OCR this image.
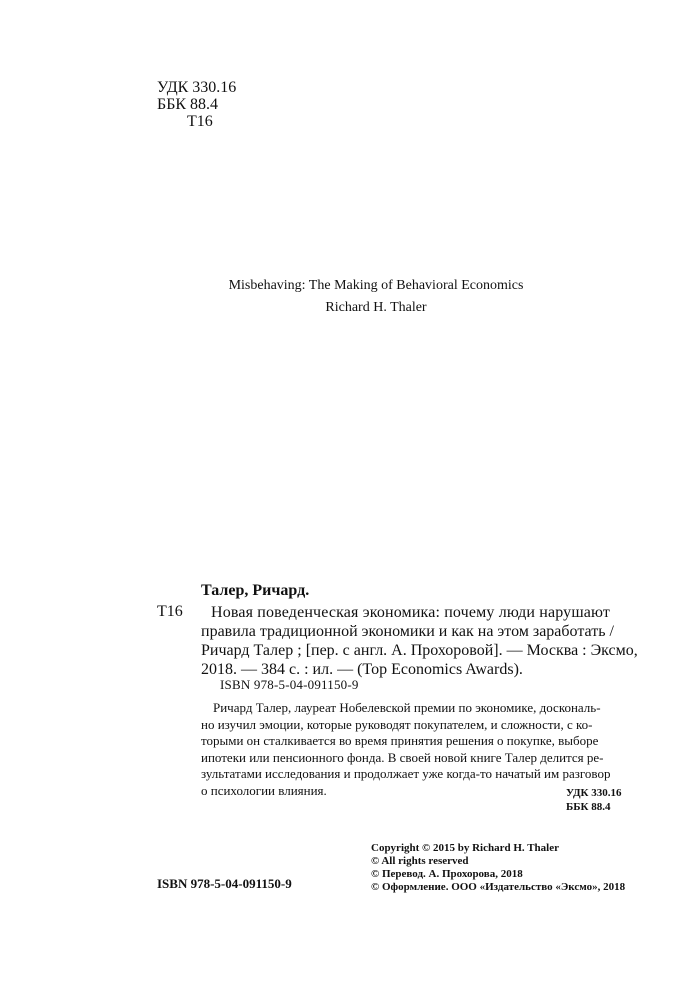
УДК 330.16
ББК 88.4
Т16
Misbehaving: The Making of Behavioral Economics
Richard H. Thaler
Талер, Ричард.
Т16	Новая поведенческая экономика: почему люди нарушают
правила традиционной экономики и как на этом заработать /
Ричард Талер ; [пер. с англ. А. Прохоровой]. — Москва : Эксмо,
2018. — 384 с. : ил. — (Top Economics Awards).
ISBN 978-5-04-091150-9
Ричард Талер, лауреат Нобелевской премии по экономике, доскональ-
но изучил эмоции, которые руководят покупателем, и сложности, с ко-
торыми он сталкивается во время принятия решения о покупке, выборе
ипотеки или пенсионного фонда. В своей новой книге Талер делится ре-
зультатами исследования и продолжает уже когда-то начатый им разговор
о психологии влияния.	УДК 330.16
ББК 88.4
Copyright © 2015 by Richard H. Thaler
© All rights reserved
© Перевод. А. Прохорова, 2018
© Оформление. ООО «Издательство «Эксмо», 2018
ISBN 978-5-04-091150-9
